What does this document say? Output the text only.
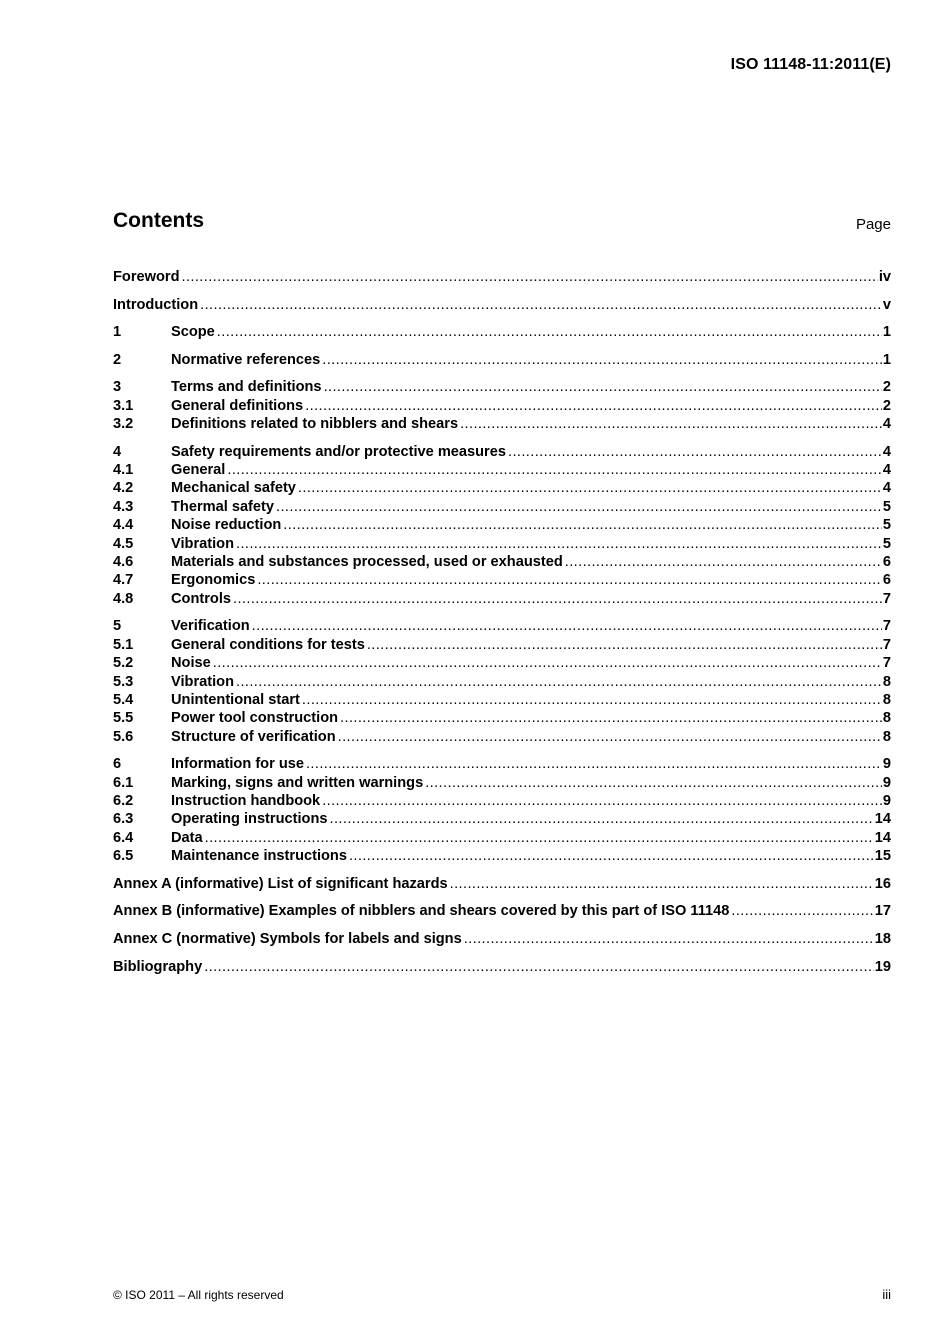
ISO 11148-11:2011(E)
Contents	Page
Foreword .....	iv
Introduction .....	v
1	Scope .....	1
2	Normative references .....	1
3	Terms and definitions .....	2
3.1	General definitions .....	2
3.2	Definitions related to nibblers and shears .....	4
4	Safety requirements and/or protective measures .....	4
4.1	General .....	4
4.2	Mechanical safety .....	4
4.3	Thermal safety .....	5
4.4	Noise reduction .....	5
4.5	Vibration .....	5
4.6	Materials and substances processed, used or exhausted .....	6
4.7	Ergonomics .....	6
4.8	Controls .....	7
5	Verification .....	7
5.1	General conditions for tests .....	7
5.2	Noise .....	7
5.3	Vibration .....	8
5.4	Unintentional start .....	8
5.5	Power tool construction .....	8
5.6	Structure of verification .....	8
6	Information for use .....	9
6.1	Marking, signs and written warnings .....	9
6.2	Instruction handbook .....	9
6.3	Operating instructions .....	14
6.4	Data .....	14
6.5	Maintenance instructions .....	15
Annex A (informative) List of significant hazards .....	16
Annex B (informative) Examples of nibblers and shears covered by this part of ISO 11148 .....	17
Annex C (normative) Symbols for labels and signs .....	18
Bibliography .....	19
© ISO 2011 – All rights reserved	iii
